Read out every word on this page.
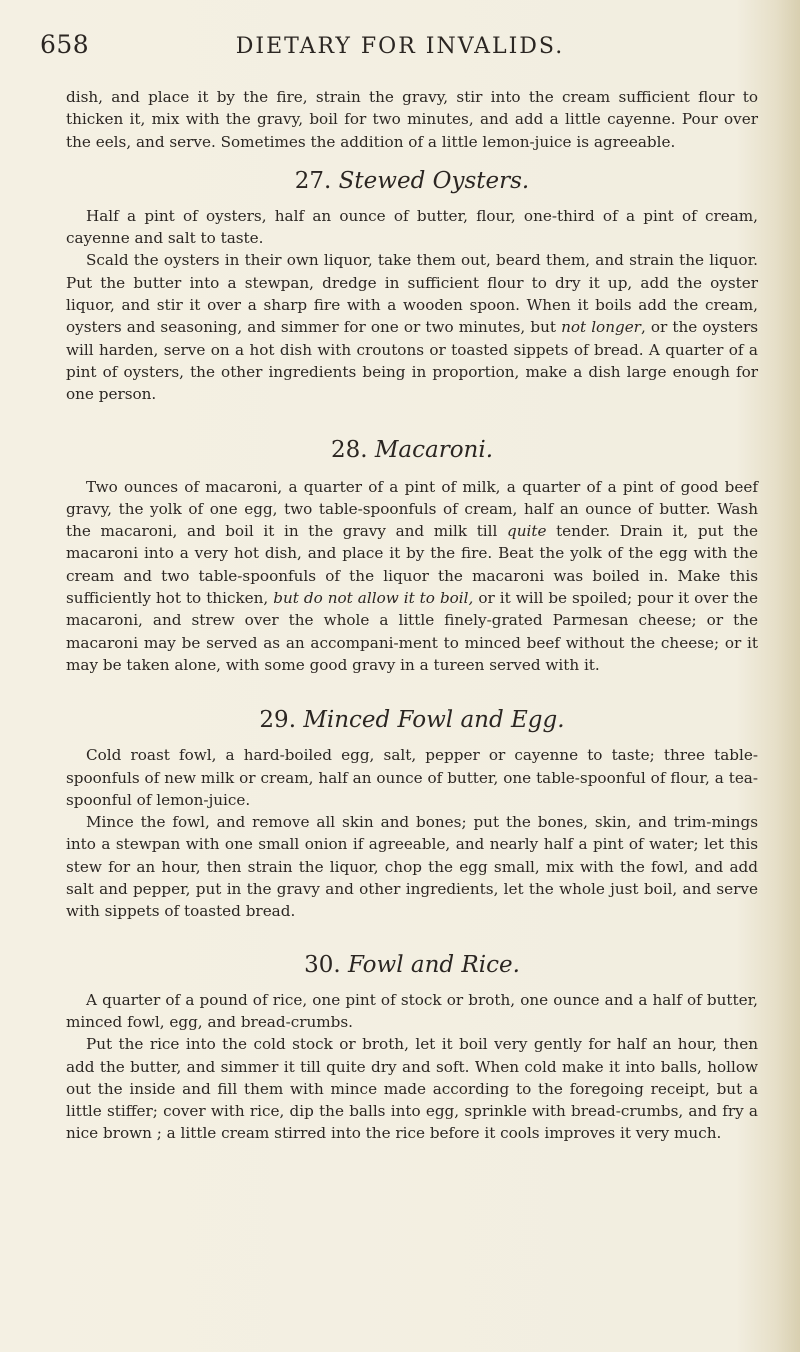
658	DIETARY FOR INVALIDS.

dish, and place it by the fire, strain the gravy, stir into the cream sufficient flour to thicken it, mix with the gravy, boil for two minutes, and add a little cayenne. Pour over the eels, and serve. Sometimes the addition of a little lemon-juice is agreeable.

27. Stewed Oysters.

Half a pint of oysters, half an ounce of butter, flour, one-third of a pint of cream, cayenne and salt to taste.

Scald the oysters in their own liquor, take them out, beard them, and strain the liquor. Put the butter into a stewpan, dredge in sufficient flour to dry it up, add the oyster liquor, and stir it over a sharp fire with a wooden spoon. When it boils add the cream, oysters and seasoning, and simmer for one or two minutes, but not longer, or the oysters will harden, serve on a hot dish with croutons or toasted sippets of bread. A quarter of a pint of oysters, the other ingredients being in proportion, make a dish large enough for one person.

28. Macaroni.

Two ounces of macaroni, a quarter of a pint of milk, a quarter of a pint of good beef gravy, the yolk of one egg, two table-spoonfuls of cream, half an ounce of butter. Wash the macaroni, and boil it in the gravy and milk till quite tender. Drain it, put the macaroni into a very hot dish, and place it by the fire. Beat the yolk of the egg with the cream and two table-spoonfuls of the liquor the macaroni was boiled in. Make this sufficiently hot to thicken, but do not allow it to boil, or it will be spoiled; pour it over the macaroni, and strew over the whole a little finely-grated Parmesan cheese; or the macaroni may be served as an accompani-ment to minced beef without the cheese; or it may be taken alone, with some good gravy in a tureen served with it.

29. Minced Fowl and Egg.

Cold roast fowl, a hard-boiled egg, salt, pepper or cayenne to taste; three table-spoonfuls of new milk or cream, half an ounce of butter, one table-spoonful of flour, a tea-spoonful of lemon-juice.

Mince the fowl, and remove all skin and bones; put the bones, skin, and trim-mings into a stewpan with one small onion if agreeable, and nearly half a pint of water; let this stew for an hour, then strain the liquor, chop the egg small, mix with the fowl, and add salt and pepper, put in the gravy and other ingredients, let the whole just boil, and serve with sippets of toasted bread.

30. Fowl and Rice.

A quarter of a pound of rice, one pint of stock or broth, one ounce and a half of butter, minced fowl, egg, and bread-crumbs.

Put the rice into the cold stock or broth, let it boil very gently for half an hour, then add the butter, and simmer it till quite dry and soft. When cold make it into balls, hollow out the inside and fill them with mince made according to the foregoing receipt, but a little stiffer; cover with rice, dip the balls into egg, sprinkle with bread-crumbs, and fry a nice brown ; a little cream stirred into the rice before it cools improves it very much.
